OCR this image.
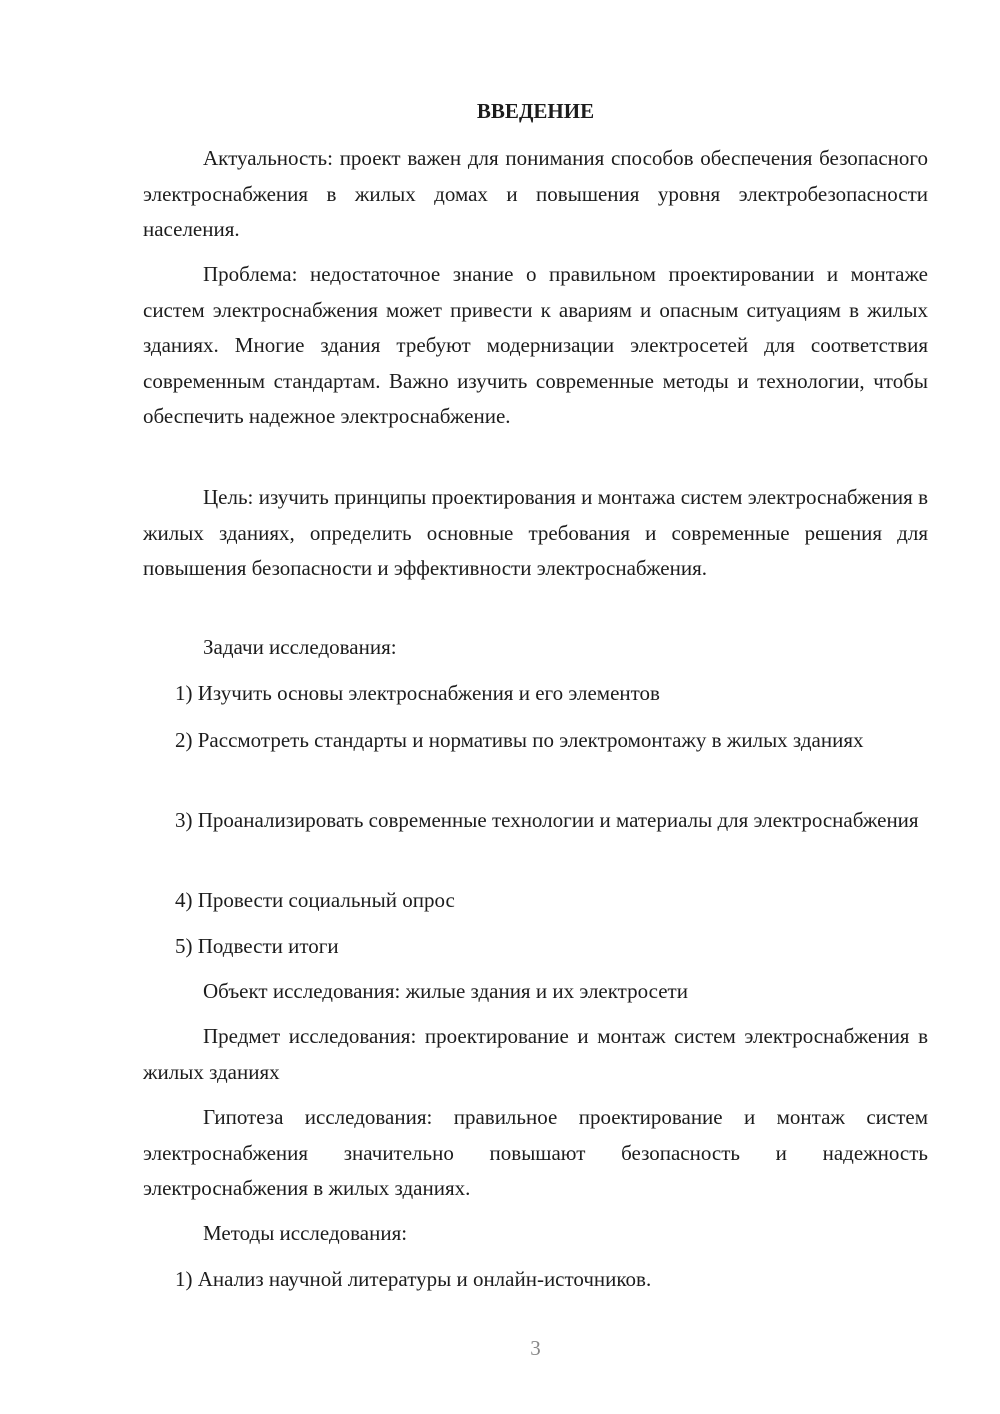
ВВЕДЕНИЕ

Актуальность: проект важен для понимания способов обеспечения безопасного электроснабжения в жилых домах и повышения уровня электробезопасности населения.

Проблема: недостаточное знание о правильном проектировании и монтаже систем электроснабжения может привести к авариям и опасным ситуациям в жилых зданиях. Многие здания требуют модернизации электросетей для соответствия современным стандартам. Важно изучить современные методы и технологии, чтобы обеспечить надежное электроснабжение.

Цель: изучить принципы проектирования и монтажа систем электроснабжения в жилых зданиях, определить основные требования и современные решения для повышения безопасности и эффективности электроснабжения.

Задачи исследования:

1) Изучить основы электроснабжения и его элементов

2) Рассмотреть стандарты и нормативы по электромонтажу в жилых зданиях

3) Проанализировать современные технологии и материалы для электроснабжения

4) Провести социальный опрос

5) Подвести итоги

Объект исследования: жилые здания и их электросети

Предмет исследования: проектирование и монтаж систем электроснабжения в жилых зданиях

Гипотеза исследования: правильное проектирование и монтаж систем электроснабжения значительно повышают безопасность и надежность электроснабжения в жилых зданиях.

Методы исследования:

1) Анализ научной литературы и онлайн-источников.

3
